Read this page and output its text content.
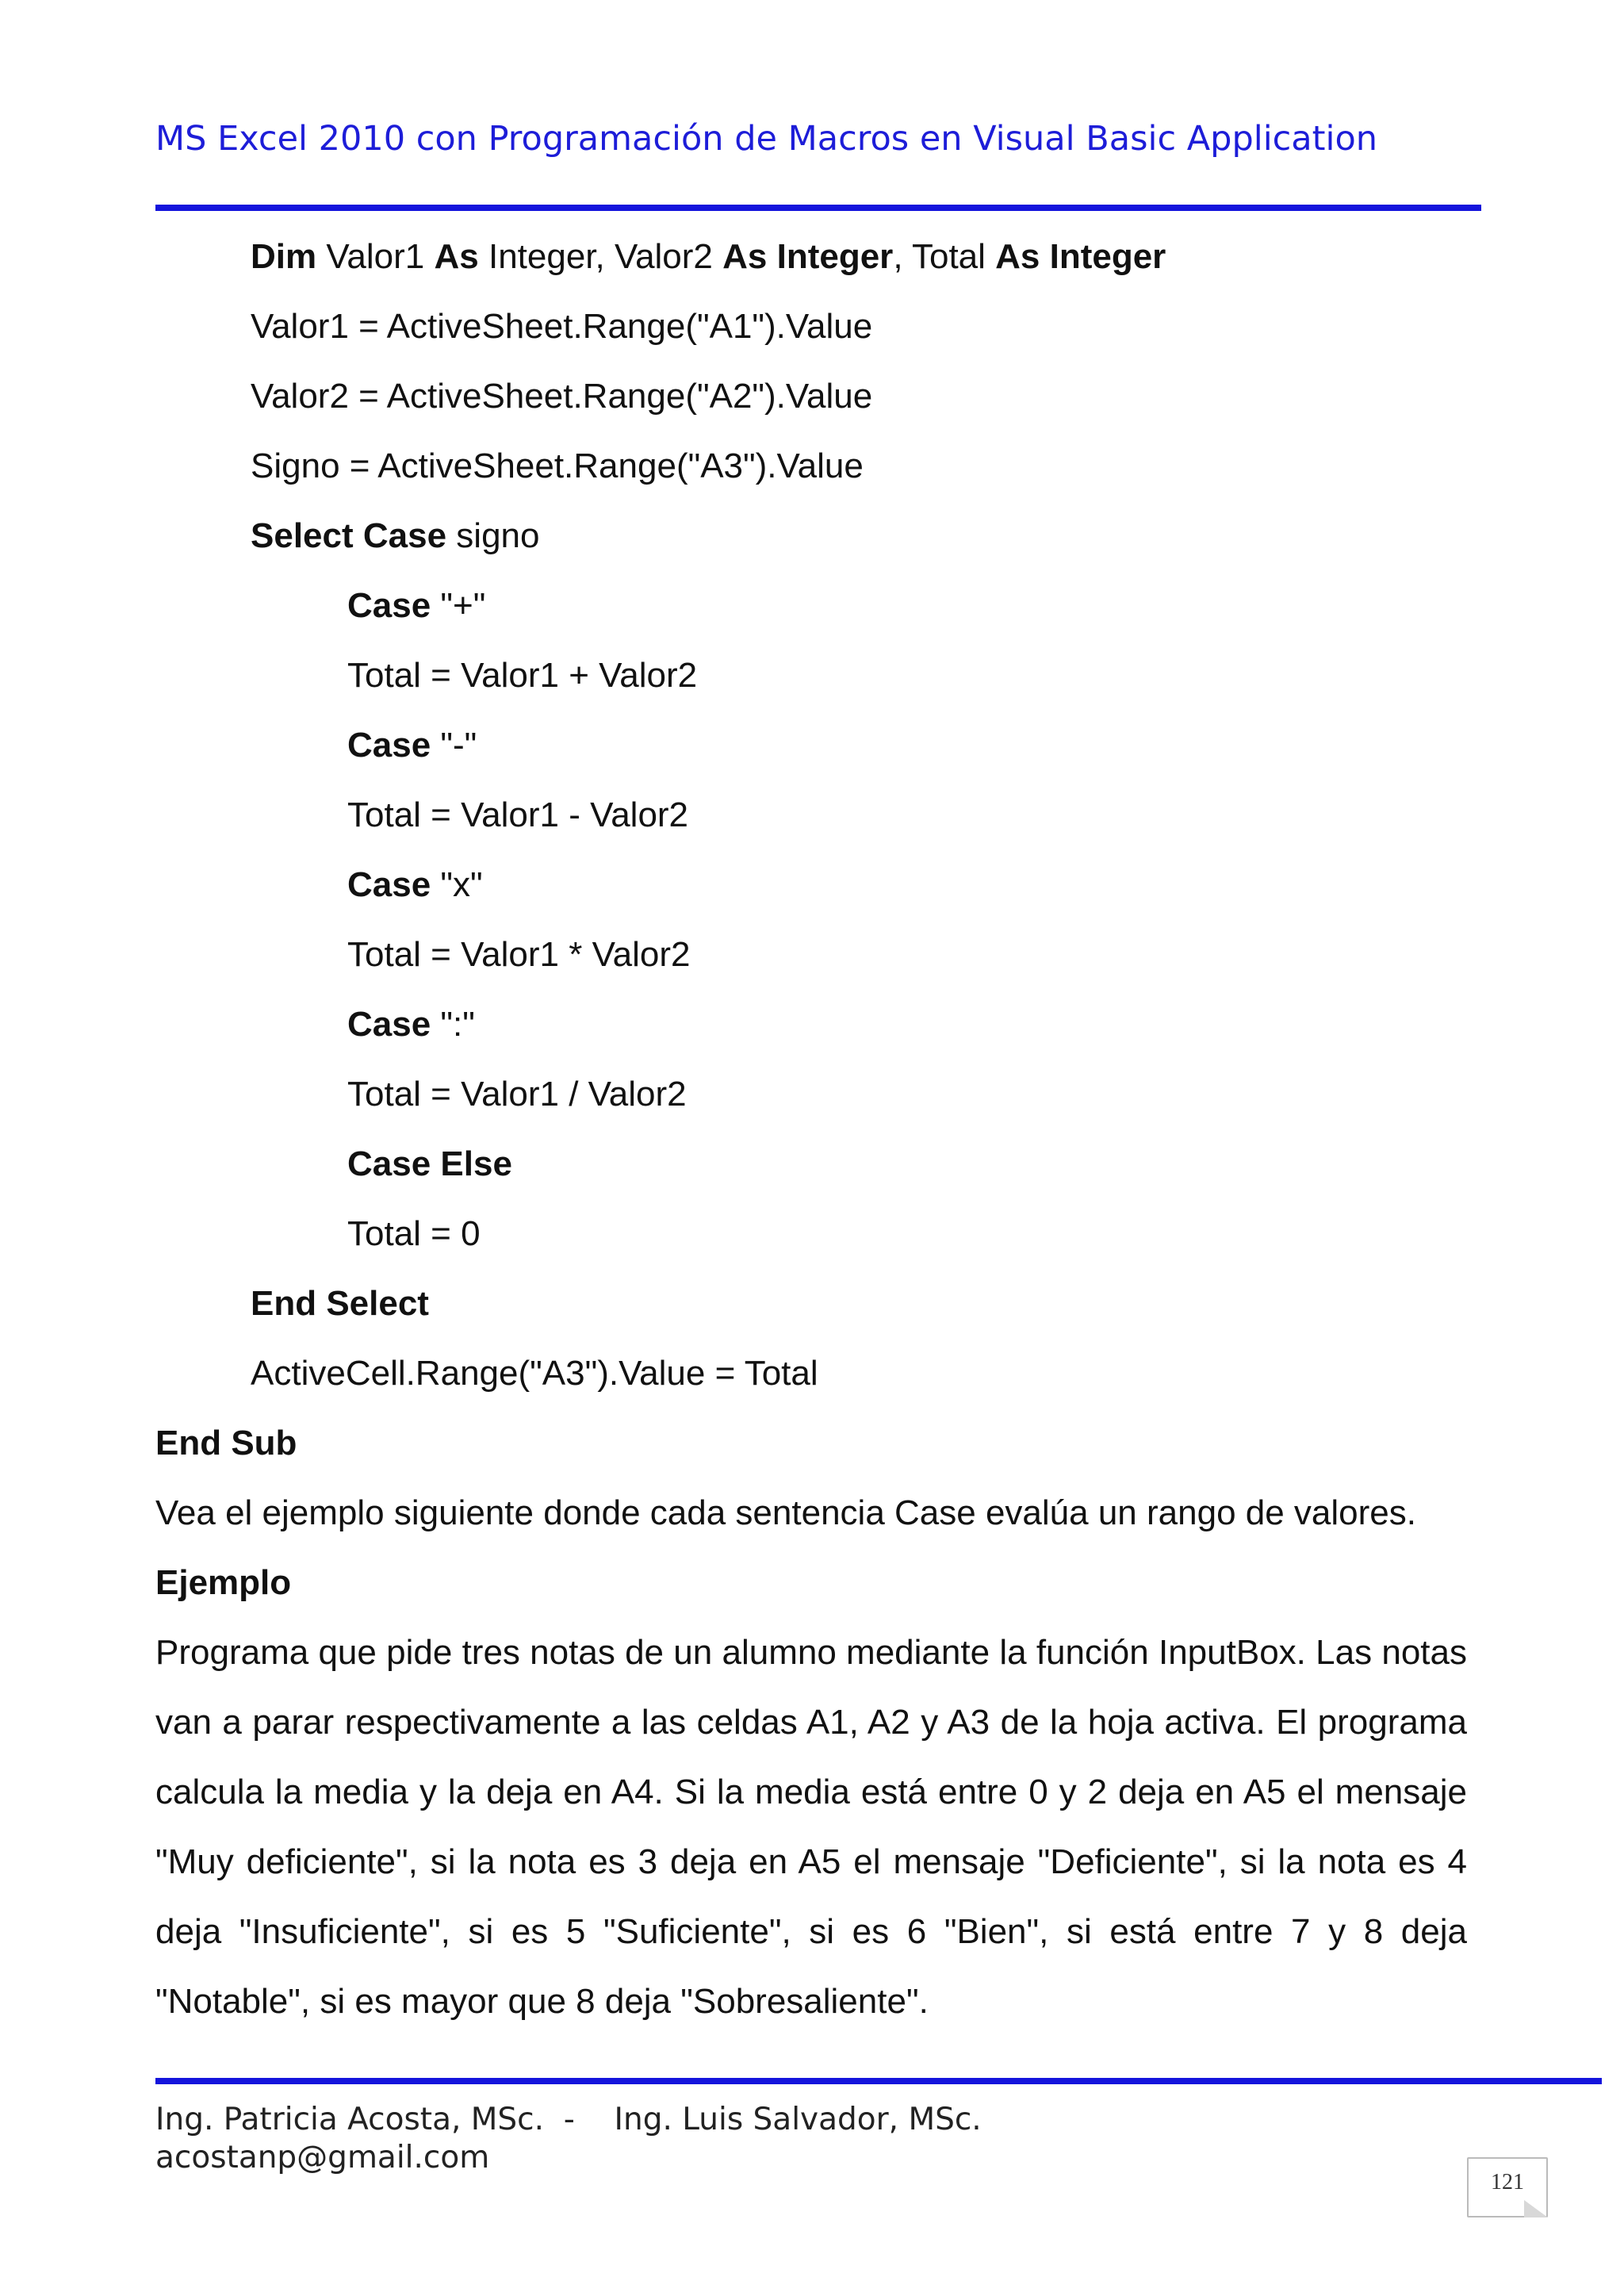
MS Excel 2010 con Programación de Macros en Visual Basic Application
Dim Valor1 As Integer, Valor2 As Integer, Total As Integer
Valor1 = ActiveSheet.Range("A1").Value
Valor2 = ActiveSheet.Range("A2").Value
Signo = ActiveSheet.Range("A3").Value
Select Case signo
Case "+"
Total = Valor1 + Valor2
Case "-"
Total = Valor1 - Valor2
Case "x"
Total = Valor1 * Valor2
Case ":"
Total = Valor1 / Valor2
Case Else
Total = 0
End Select
ActiveCell.Range("A3").Value = Total
End Sub
Vea el ejemplo siguiente donde cada sentencia Case evalúa un rango de valores.
Ejemplo
Programa que pide tres notas de un alumno mediante la función InputBox. Las notas
van a parar respectivamente a las celdas A1, A2 y A3 de la hoja activa. El programa
calcula la media y la deja en A4. Si la media está entre 0 y 2 deja en A5 el mensaje
"Muy deficiente", si la nota es 3 deja en A5 el mensaje "Deficiente", si la nota es 4
deja "Insuficiente", si es 5 "Suficiente", si es 6 "Bien", si está entre 7 y 8 deja
"Notable", si es mayor que 8 deja "Sobresaliente".
Ing. Patricia Acosta, MSc.  -    Ing. Luis Salvador, MSc.
acostanp@gmail.com
121
